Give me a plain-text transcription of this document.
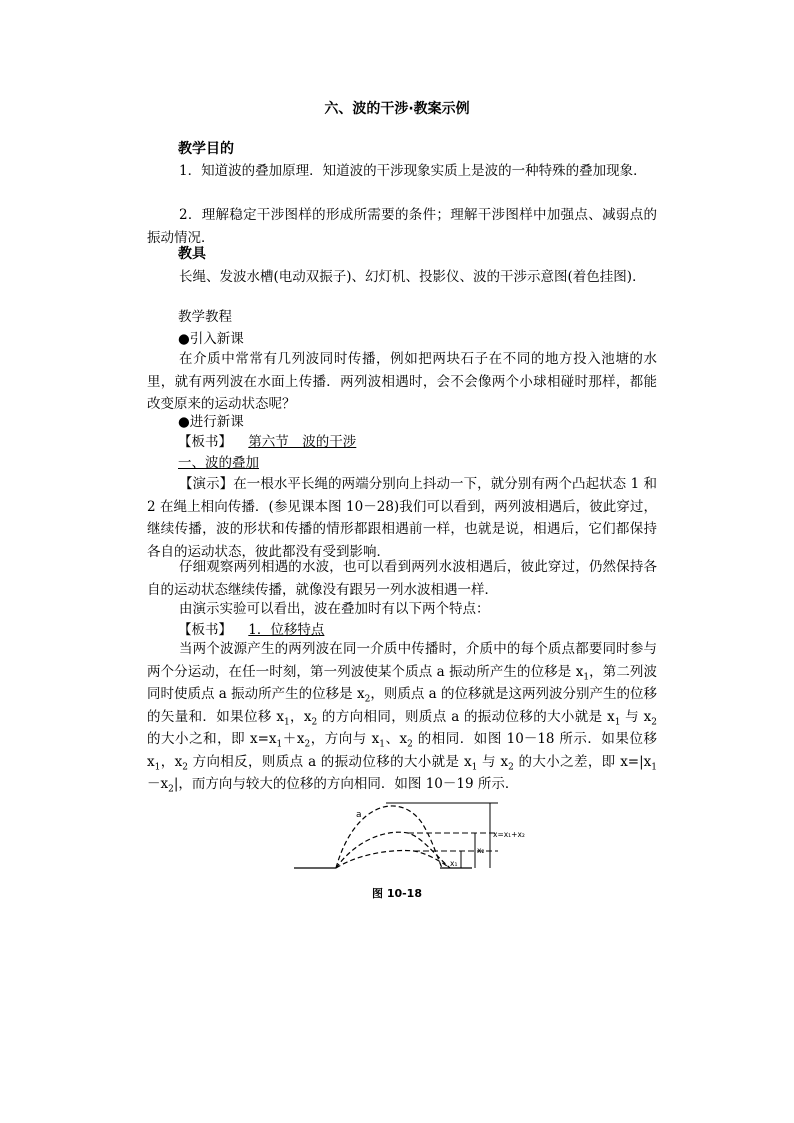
六、波的干涉·教案示例
教学目的
1．知道波的叠加原理．知道波的干涉现象实质上是波的一种特殊的叠加现象．
2．理解稳定干涉图样的形成所需要的条件；理解干涉图样中加强点、减弱点的振动情况．
教具
长绳、发波水槽(电动双振子)、幻灯机、投影仪、波的干涉示意图(着色挂图)．
教学教程
●引入新课
在介质中常常有几列波同时传播，例如把两块石子在不同的地方投入池塘的水里，就有两列波在水面上传播．两列波相遇时，会不会像两个小球相碰时那样，都能改变原来的运动状态呢？
●进行新课
【板书】 第六节　波的干涉
一、波的叠加
【演示】在一根水平长绳的两端分别向上抖动一下，就分别有两个凸起状态 1 和 2 在绳上相向传播．(参见课本图 10－28)我们可以看到，两列波相遇后，彼此穿过，继续传播，波的形状和传播的情形都跟相遇前一样，也就是说，相遇后，它们都保持各自的运动状态，彼此都没有受到影响．
仔细观察两列相遇的水波，也可以看到两列水波相遇后，彼此穿过，仍然保持各自的运动状态继续传播，就像没有跟另一列水波相遇一样．
由演示实验可以看出，波在叠加时有以下两个特点：
【板书】 1．位移特点
当两个波源产生的两列波在同一介质中传播时，介质中的每个质点都要同时参与两个分运动，在任一时刻，第一列波使某个质点 a 振动所产生的位移是 $x_1$，第二列波同时使质点 a 振动所产生的位移是 $x_2$，则质点 a 的位移就是这两列波分别产生的位移的矢量和．如果位移 $x_1$，$x_2$ 的方向相同，则质点 a 的振动位移的大小就是 $x_1$ 与 $x_2$ 的大小之和，即 $x=x_1+x_2$，方向与 $x_1$、$x_2$ 的相同．如图 10－18 所示．如果位移 $x_1$，$x_2$ 方向相反，则质点 a 的振动位移的大小就是 $x_1$ 与 $x_2$ 的大小之差，即 $x=|x_1-x_2|$，而方向与较大的位移的方向相同．如图 10－19 所示．
a
x=x₁+x₂
x₂
x₁
图 10-18
